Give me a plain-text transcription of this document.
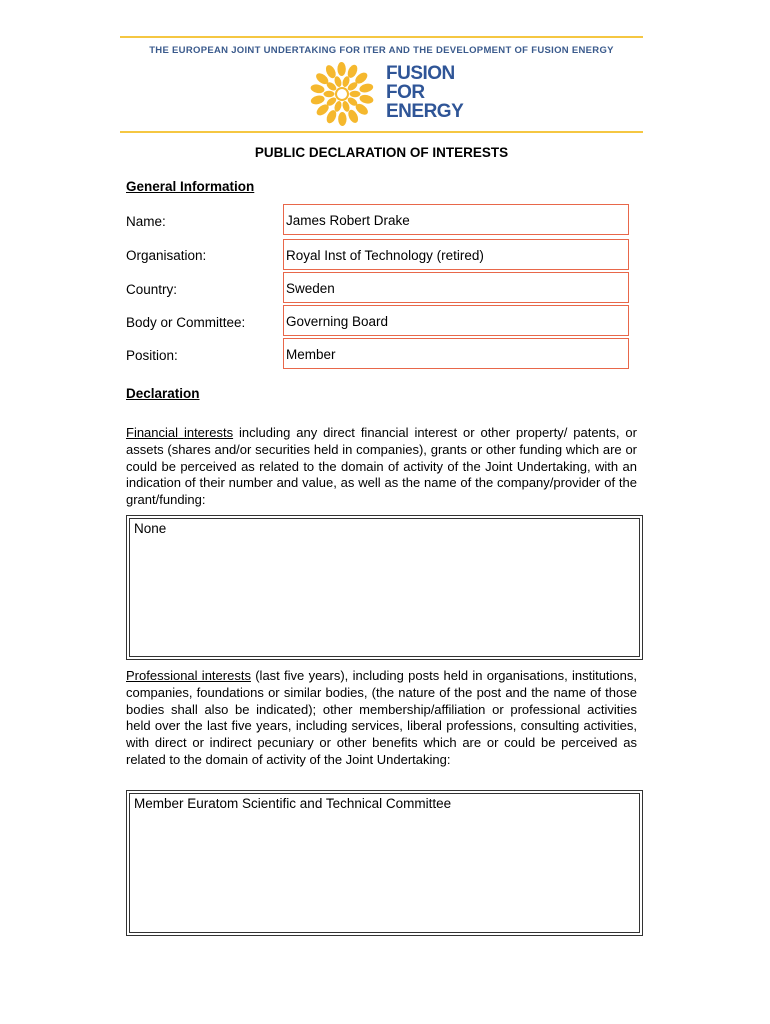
THE EUROPEAN JOINT UNDERTAKING FOR ITER AND THE DEVELOPMENT OF FUSION ENERGY
FUSION
FOR
ENERGY
PUBLIC DECLARATION OF INTERESTS
General Information
Name:	James Robert Drake
Organisation:	Royal Inst of Technology (retired)
Country:	Sweden
Body or Committee:	Governing Board
Position:	Member
Declaration

Financial interests including any direct financial interest or other property/ patents, or assets (shares and/or securities held in companies), grants or other funding which are or could be perceived as related to the domain of activity of the Joint Undertaking, with an indication of their number and value, as well as the name of the company/provider of the grant/funding:

None

Professional interests (last five years), including posts held in organisations, institutions, companies, foundations or similar bodies, (the nature of the post and the name of those bodies shall also be indicated); other membership/affiliation or professional activities held over the last five years, including services, liberal professions, consulting activities, with direct or indirect pecuniary or other benefits which are or could be perceived as related to the domain of activity of the Joint Undertaking:

Member Euratom Scientific and Technical Committee
